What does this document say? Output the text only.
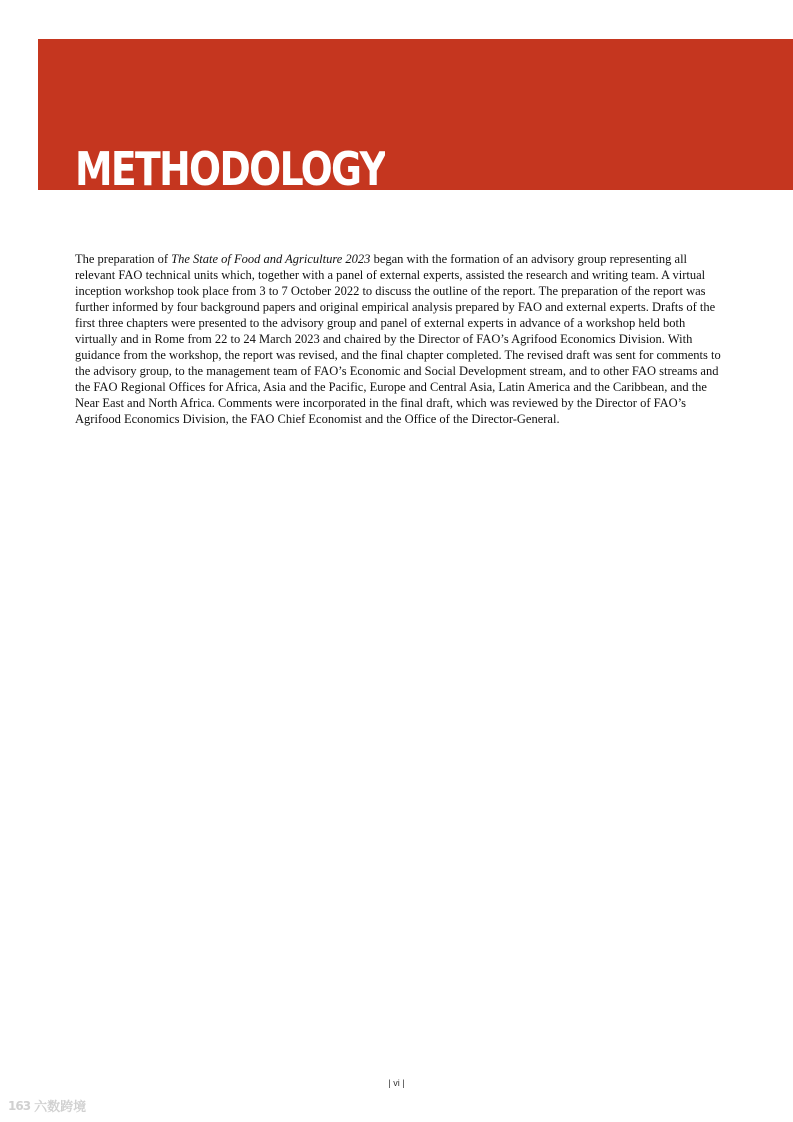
METHODOLOGY

The preparation of The State of Food and Agriculture 2023 began with the formation of an advisory group representing all relevant FAO technical units which, together with a panel of external experts, assisted the research and writing team. A virtual inception workshop took place from 3 to 7 October 2022 to discuss the outline of the report. The preparation of the report was further informed by four background papers and original empirical analysis prepared by FAO and external experts. Drafts of the first three chapters were presented to the advisory group and panel of external experts in advance of a workshop held both virtually and in Rome from 22 to 24 March 2023 and chaired by the Director of FAO’s Agrifood Economics Division. With guidance from the workshop, the report was revised, and the final chapter completed. The revised draft was sent for comments to the advisory group, to the management team of FAO’s Economic and Social Development stream, and to other FAO streams and the FAO Regional Offices for Africa, Asia and the Pacific, Europe and Central Asia, Latin America and the Caribbean, and the Near East and North Africa. Comments were incorporated in the final draft, which was reviewed by the Director of FAO’s Agrifood Economics Division, the FAO Chief Economist and the Office of the Director-General.

| vi |
163 六数跨境
